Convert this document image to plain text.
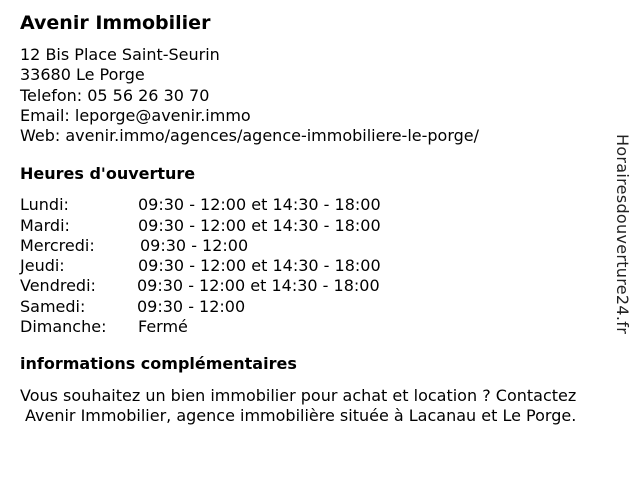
Avenir Immobilier
12 Bis Place Saint-Seurin
33680 Le Porge
Telefon: 05 56 26 30 70
Email: leporge@avenir.immo
Web: avenir.immo/agences/agence-immobiliere-le-porge/
Heures d'ouverture
Lundi:	09:30 - 12:00 et 14:30 - 18:00
Mardi:	09:30 - 12:00 et 14:30 - 18:00
Mercredi:	09:30 - 12:00
Jeudi:	09:30 - 12:00 et 14:30 - 18:00
Vendredi:	09:30 - 12:00 et 14:30 - 18:00
Samedi:	09:30 - 12:00
Dimanche:	Fermé
informations complémentaires
Vous souhaitez un bien immobilier pour achat et location ? Contactez
Avenir Immobilier, agence immobilière située à Lacanau et Le Porge.
Horairesdouverture24.fr
